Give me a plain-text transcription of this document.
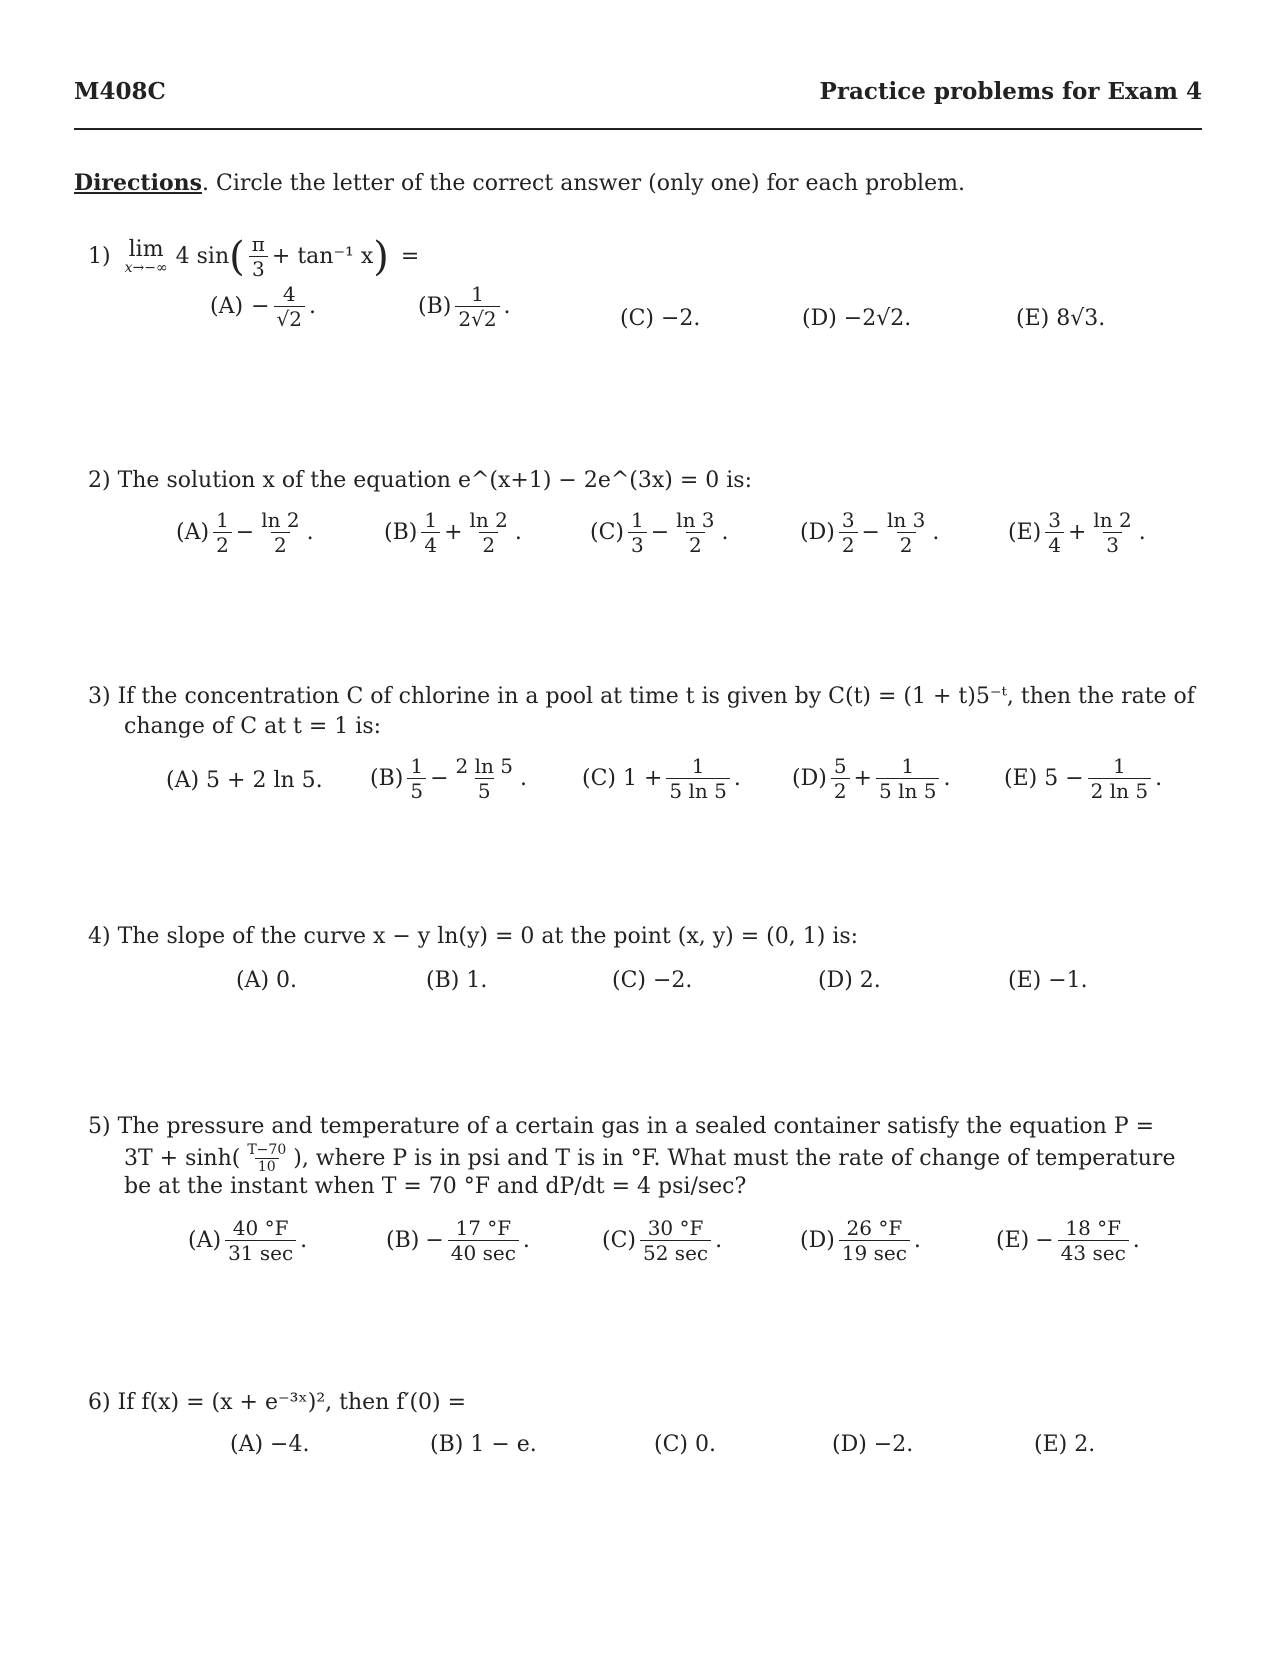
M408C	Practice problems for Exam 4
Directions. Circle the letter of the correct answer (only one) for each problem.
1) lim
x→−∞ 4 sin ( $\frac{\pi}{3} + \tan^{-1}$ x ) =
$(A) - \frac{4}{√2}$ .	$(B) \frac{1}{2√2}$ .	(C) −2.	(D) −2√2.	(E) 8√3.
2) The solution x of the equation e^(x+1) − 2e^(3x) = 0 is:
$(A) \frac{1}{2} - \frac{\ln 2}{2}$ .	$(B) \frac{1}{4} + \frac{\ln 2}{2}$ .	$(C) \frac{1}{3} - \frac{\ln 3}{2}$ .	$(D) \frac{3}{2} - \frac{\ln 3}{2}$ .	$(E) \frac{3}{4} + \frac{\ln 2}{3}$ .
3) If the concentration C of chlorine in a pool at time t is given by C(t) = (1 + t)5⁻ᵗ, then the rate of
change of C at t = 1 is:
(A) 5 + 2 ln 5. $(B) \frac{1}{5} - \frac{2 \ln 5}{5}$ .	(C) $1 + \frac{1}{5 \ln 5}$ . $(D) \frac{5}{2} + \frac{1}{5 \ln 5}$ . (E) $5 - \frac{1}{2 \ln 5}$ .
4) The slope of the curve x − y ln(y) = 0 at the point (x, y) = (0, 1) is:
(A) 0.	(B) 1.	(C) −2.	(D) 2.	(E) −1.
5) The pressure and temperature of a certain gas in a sealed container satisfy the equation P =
$3T + \sinh( \frac{T-70}{10}$ ), where P is in psi and T is in °F. What must the rate of change of temperature
be at the instant when T = 70 °F and dP/dt = 4 psi/sec?
$(A) \frac{40 ^\circ F}{31 \sec}$ .	$(B) - \frac{17 ^\circ F}{40 \sec}$ .	$(C) \frac{30 ^\circ F}{52 \sec}$ .	$(D) \frac{26 ^\circ F}{19 \sec}$ .	$(E) - \frac{18 ^\circ F}{43 \sec}$ .
6) If f(x) = (x + e⁻³ˣ)², then f′(0) =
(A) −4.	(B) 1 − e.	(C) 0.	(D) −2.	(E) 2.
